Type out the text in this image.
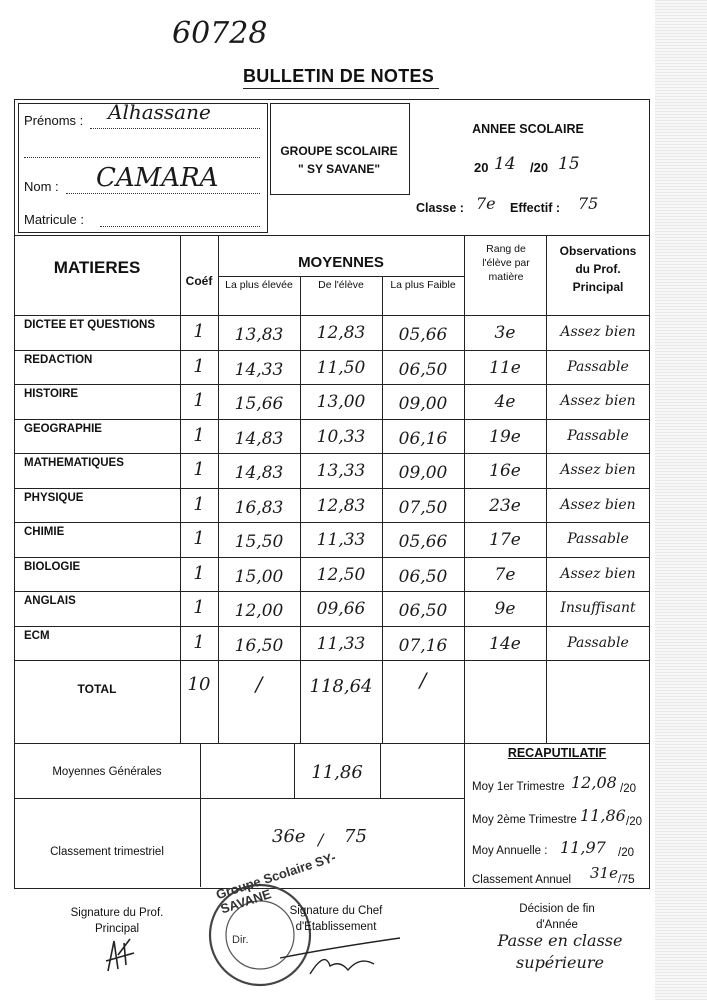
60728
BULLETIN DE NOTES
Prénoms : Alhassane
Nom : CAMARA
Matricule :
GROUPE SCOLAIRE
" SY SAVANE"
ANNEE SCOLAIRE
20 14 /20 15
Classe : 7e Effectif : 75
MATIERES
Coéf
MOYENNES
La plus élevée	De l'élève	La plus Faible
Rang de l'élève par matière
Observations du Prof. Principal
DICTEE ET QUESTIONS	1	13,83	12,83	05,66	3e	Assez bien
REDACTION	1	14,33	11,50	06,50	11e	Passable
HISTOIRE	1	15,66	13,00	09,00	4e	Assez bien
GEOGRAPHIE	1	14,83	10,33	06,16	19e	Passable
MATHEMATIQUES	1	14,83	13,33	09,00	16e	Assez bien
PHYSIQUE	1	16,83	12,83	07,50	23e	Assez bien
CHIMIE	1	15,50	11,33	05,66	17e	Passable
BIOLOGIE	1	15,00	12,50	06,50	7e	Assez bien
ANGLAIS	1	12,00	09,66	06,50	9e	Insuffisant
ECM	1	16,50	11,33	07,16	14e	Passable
TOTAL	10	/	118,64	/
Moyennes Générales	11,86
Classement trimestriel
36e / 75
RECAPUTILATIF
Moy 1er Trimestre 12,08 /20
Moy 2ème Trimestre 11,86 /20
Moy Annuelle : 11,97 /20
Classement Annuel 31e /75
Signature du Prof. Principal
Groupe Scolaire SY-SAVANE
Dir.
Signature du Chef d'Etablissement
Décision de fin d'Année
Passe en classe supérieure
